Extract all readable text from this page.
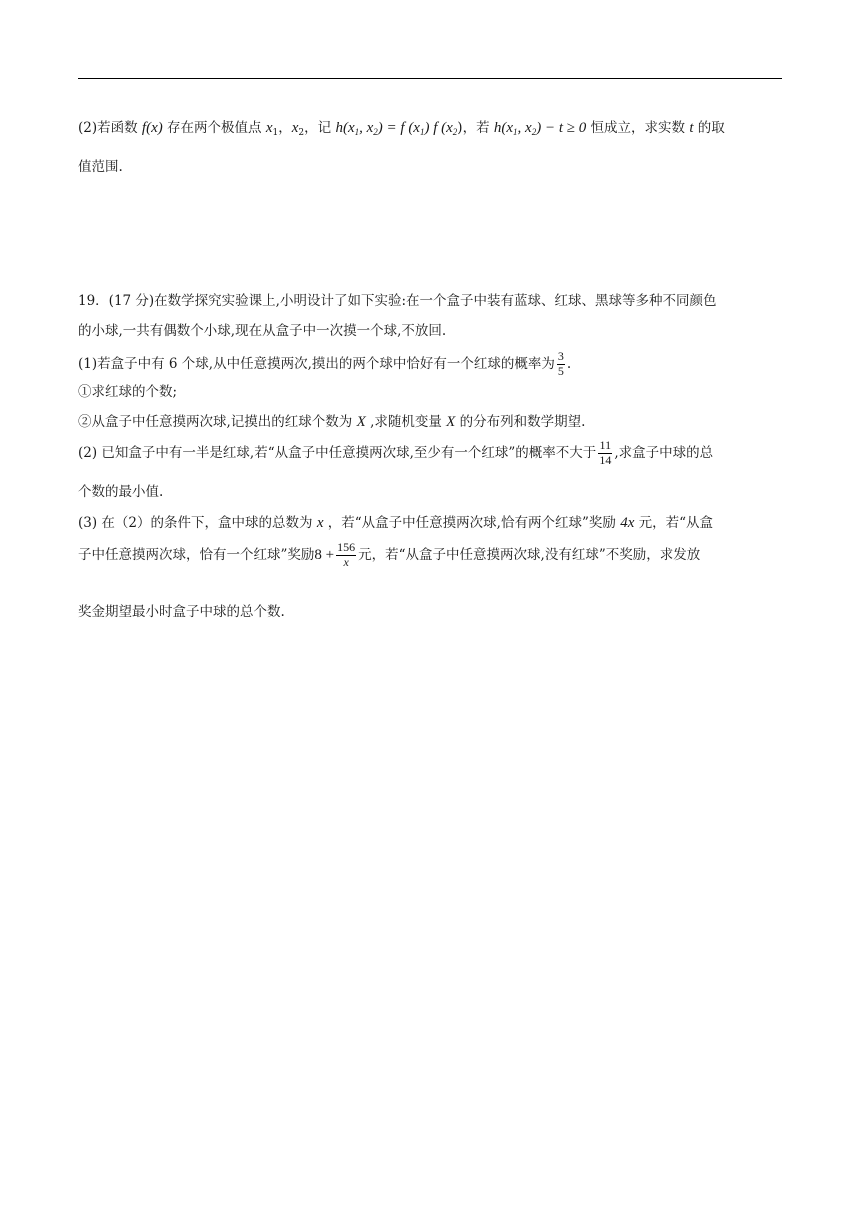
(2)若函数 f(x) 存在两个极值点 $x_1$，$x_2$，记 $h(x_1$, $x_2) = f$ $(x_1)$ f $(x_2)$，若 $h(x_1$, $x_2) - t \ge 0$ 恒成立，求实数 t 的取
值范围.
19．(17 分)在数学探究实验课上,小明设计了如下实验:在一个盒子中装有蓝球、红球、黑球等多种不同颜色
的小球,一共有偶数个小球,现在从盒子中一次摸一个球,不放回.
(1)若盒子中有 6 个球,从中任意摸两次,摸出的两个球中恰好有一个红球的概率为 $\frac{3}{5}$ .
①求红球的个数;
②从盒子中任意摸两次球,记摸出的红球个数为 X ,求随机变量 X 的分布列和数学期望.
(2) 已知盒子中有一半是红球,若“从盒子中任意摸两次球,至少有一个红球”的概率不大于 $\frac{11}{14}$ ,求盒子中球的总
个数的最小值.
(3) 在（2）的条件下，盒中球的总数为 x ，若“从盒子中任意摸两次球,恰有两个红球”奖励 4x 元，若“从盒
子中任意摸两次球，恰有一个红球”奖励$8 + \frac{156}{x}$ 元，若“从盒子中任意摸两次球,没有红球”不奖励，求发放
奖金期望最小时盒子中球的总个数.
